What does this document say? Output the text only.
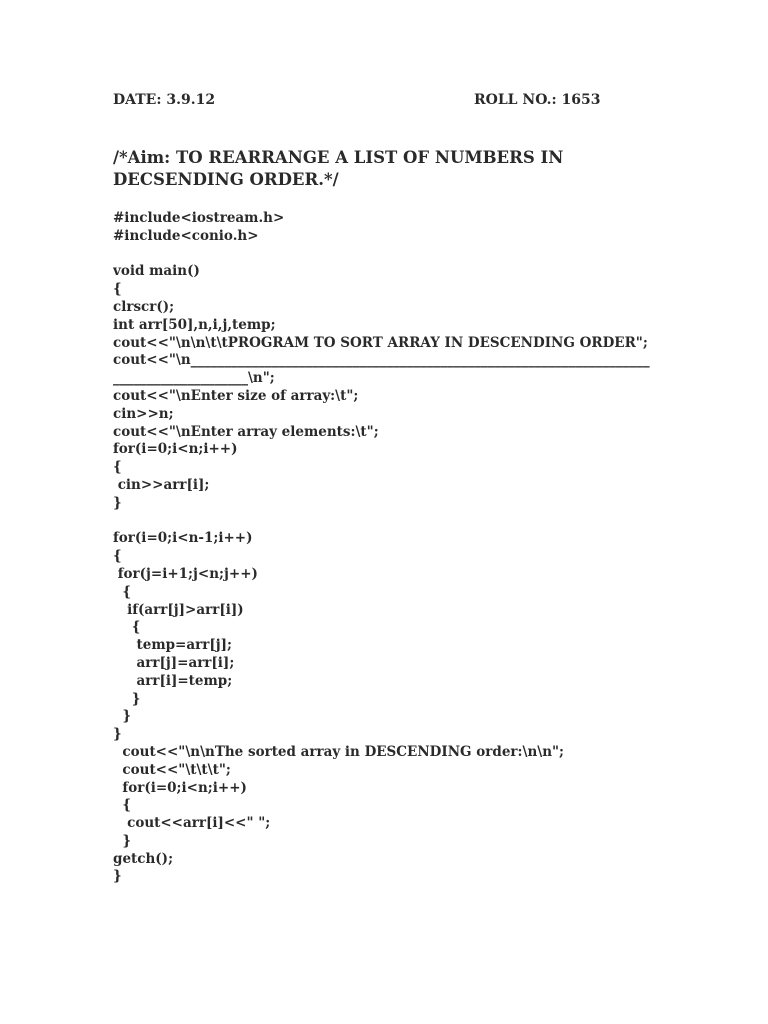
DATE: 3.9.12	ROLL NO.: 1653
/*Aim: TO REARRANGE A LIST OF NUMBERS IN DECSENDING ORDER.*/
#include<iostream.h>
#include<conio.h>
void main()
{
clrscr();
int arr[50],n,i,j,temp;
cout<<"\n\n\t\tPROGRAM TO SORT ARRAY IN DESCENDING ORDER";
cout<<"\n____________________________________________________________________
____________________\n";
cout<<"\nEnter size of array:\t";
cin>>n;
cout<<"\nEnter array elements:\t";
for(i=0;i<n;i++)
{
cin>>arr[i];
}
for(i=0;i<n-1;i++)
{
for(j=i+1;j<n;j++)
{
if(arr[j]>arr[i])
{
temp=arr[j];
arr[j]=arr[i];
arr[i]=temp;
}
}
}
cout<<"\n\nThe sorted array in DESCENDING order:\n\n";
cout<<"\t\t\t";
for(i=0;i<n;i++)
{
cout<<arr[i]<<" ";
}
getch();
}
